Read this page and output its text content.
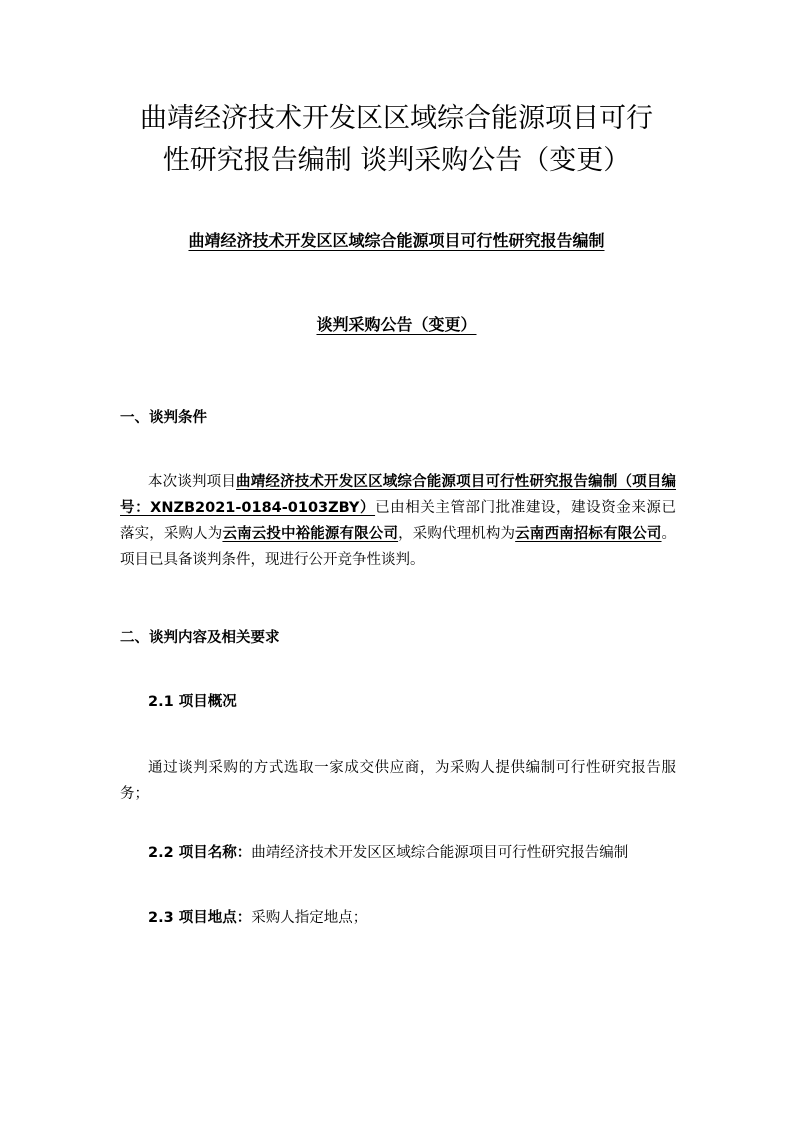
曲靖经济技术开发区区域综合能源项目可行
性研究报告编制 谈判采购公告（变更）

曲靖经济技术开发区区域综合能源项目可行性研究报告编制

谈判采购公告（变更）

一、谈判条件

本次谈判项目曲靖经济技术开发区区域综合能源项目可行性研究报告编制（项目编号：XNZB2021-0184-0103ZBY）已由相关主管部门批准建设，建设资金来源已落实，采购人为云南云投中裕能源有限公司，采购代理机构为云南西南招标有限公司。项目已具备谈判条件，现进行公开竞争性谈判。

二、谈判内容及相关要求

2.1 项目概况

通过谈判采购的方式选取一家成交供应商，为采购人提供编制可行性研究报告服务；

2.2 项目名称：曲靖经济技术开发区区域综合能源项目可行性研究报告编制

2.3 项目地点：采购人指定地点；
